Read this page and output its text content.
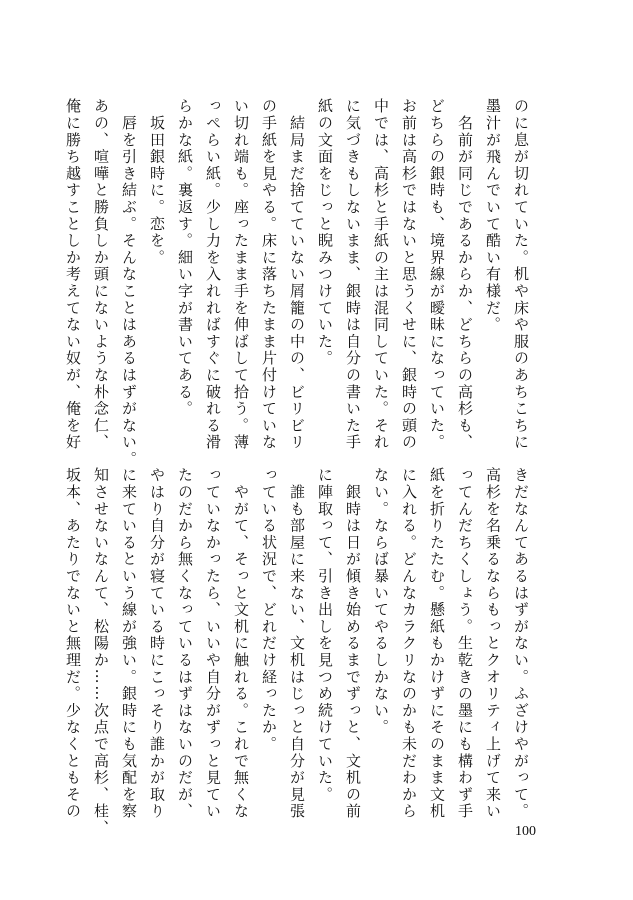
のに息が切れていた。机や床や服のあちこちに
墨汁が飛んでいて酷い有様だ。
　名前が同じであるからか、どちらの高杉も、
どちらの銀時も、境界線が曖昧になっていた。
お前は高杉ではないと思うくせに、銀時の頭の
中では、高杉と手紙の主は混同していた。それ
に気づきもしないまま、銀時は自分の書いた手
紙の文面をじっと睨みつけていた。
　結局まだ捨てていない屑籠の中の、ビリビリ
の手紙を見やる。床に落ちたまま片付けていな
い切れ端も。座ったまま手を伸ばして拾う。薄
っぺらい紙。少し力を入れればすぐに破れる滑
らかな紙。裏返す。細い字が書いてある。
　坂田銀時に。恋を。
　唇を引き結ぶ。そんなことはあるはずがない。
あの、喧嘩と勝負しか頭にないような朴念仁、
俺に勝ち越すことしか考えてない奴が、俺を好
きだなんてあるはずがない。ふざけやがって。
高杉を名乗るならもっとクオリティ上げて来い
ってんだちくしょう。生乾きの墨にも構わず手
紙を折りたたむ。懸紙もかけずにそのまま文机
に入れる。どんなカラクリなのかも未だわから
ない。ならば暴いてやるしかない。
　銀時は日が傾き始めるまでずっと、文机の前
に陣取って、引き出しを見つめ続けていた。
　誰も部屋に来ない、文机はじっと自分が見張
っている状況で、どれだけ経ったか。
　やがて、そっと文机に触れる。これで無くな
っていなかったら、いいや自分がずっと見てい
たのだから無くなっているはずはないのだが、
やはり自分が寝ている時にこっそり誰かが取り
に来ているという線が強い。銀時にも気配を察
知させないなんて、松陽か……次点で高杉、桂、
坂本、あたりでないと無理だ。少なくともその
100
